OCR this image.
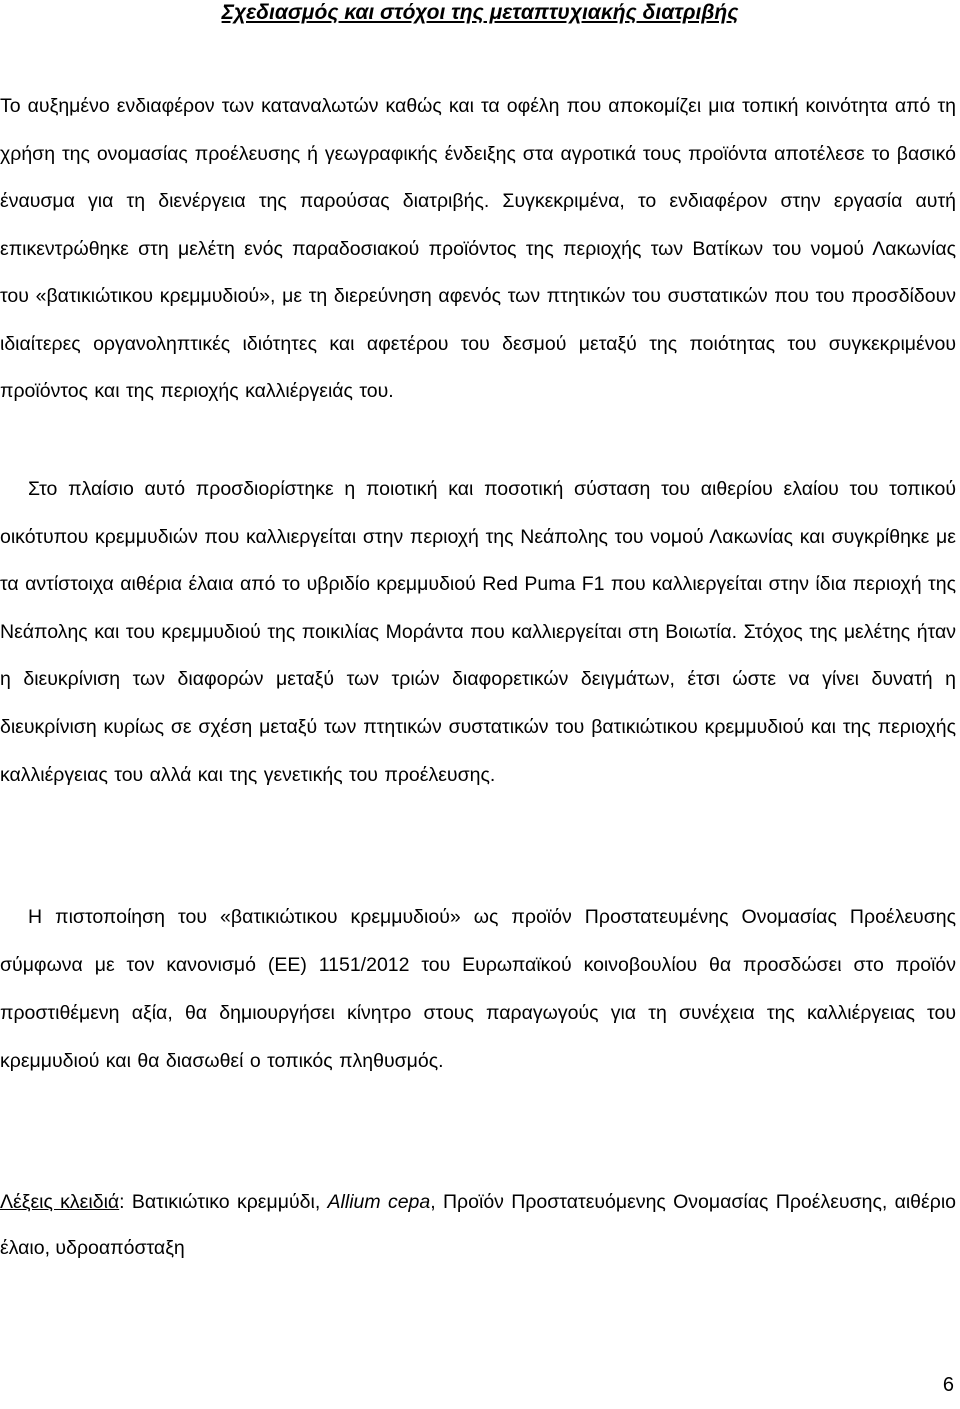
Σχεδιασμός και στόχοι της μεταπτυχιακής διατριβής

Το αυξημένο ενδιαφέρον των καταναλωτών καθώς και τα οφέλη που αποκομίζει μια τοπική κοινότητα από τη χρήση της ονομασίας προέλευσης ή γεωγραφικής ένδειξης στα αγροτικά τους προϊόντα αποτέλεσε το βασικό έναυσμα για τη διενέργεια της παρούσας διατριβής. Συγκεκριμένα, το ενδιαφέρον στην εργασία αυτή επικεντρώθηκε στη μελέτη ενός παραδοσιακού προϊόντος της περιοχής των Βατίκων του νομού Λακωνίας του «βατικιώτικου κρεμμυδιού», με τη διερεύνηση αφενός των πτητικών του συστατικών που του προσδίδουν ιδιαίτερες οργανοληπτικές ιδιότητες και αφετέρου του δεσμού μεταξύ της ποιότητας του συγκεκριμένου προϊόντος και της περιοχής καλλιέργειάς του.

Στο πλαίσιο αυτό προσδιορίστηκε η ποιοτική και ποσοτική σύσταση του αιθερίου ελαίου του τοπικού οικότυπου κρεμμυδιών που καλλιεργείται στην περιοχή της Νεάπολης του νομού Λακωνίας και συγκρίθηκε με τα αντίστοιχα αιθέρια έλαια από το υβριδίο κρεμμυδιού Red Puma F1 που καλλιεργείται στην ίδια περιοχή της Νεάπολης και του κρεμμυδιού της ποικιλίας Μοράντα που καλλιεργείται στη Βοιωτία. Στόχος της μελέτης ήταν η διευκρίνιση των διαφορών μεταξύ των τριών διαφορετικών δειγμάτων, έτσι ώστε να γίνει δυνατή η διευκρίνιση κυρίως σε σχέση μεταξύ των πτητικών συστατικών του βατικιώτικου κρεμμυδιού και της περιοχής καλλιέργειας του αλλά και της γενετικής του προέλευσης.

Η πιστοποίηση του «βατικιώτικου κρεμμυδιού» ως προϊόν Προστατευμένης Ονομασίας Προέλευσης σύμφωνα με τον κανονισμό (ΕΕ) 1151/2012 του Ευρωπαϊκού κοινοβουλίου θα προσδώσει στο προϊόν προστιθέμενη αξία, θα δημιουργήσει κίνητρο στους παραγωγούς για τη συνέχεια της καλλιέργειας του κρεμμυδιού και θα διασωθεί ο τοπικός πληθυσμός.

Λέξεις κλειδιά: Βατικιώτικο κρεμμύδι, Allium cepa, Προϊόν Προστατευόμενης Ονομασίας Προέλευσης, αιθέριο έλαιο, υδροαπόσταξη

6
